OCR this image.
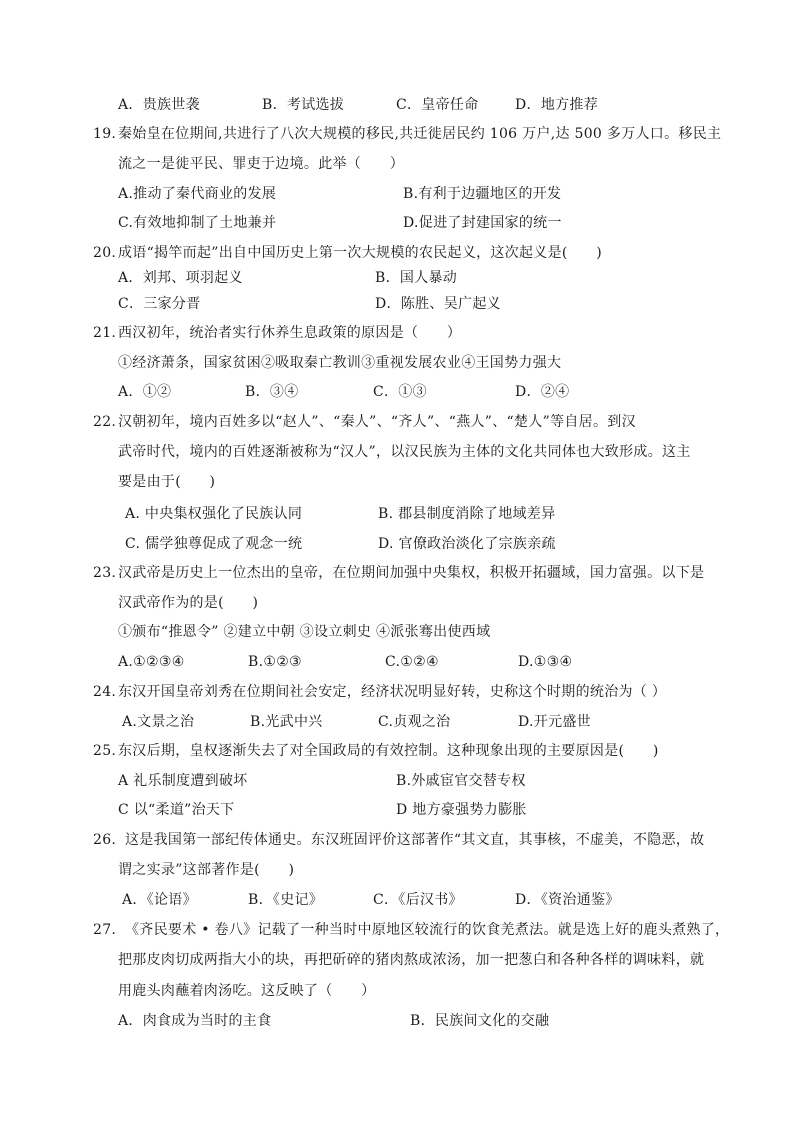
A．贵族世袭	B．考试选拔	C．皇帝任命	D．地方推荐
19. 秦始皇在位期间,共进行了八次大规模的移民,共迁徙居民约 106 万户,达 500 多万人口。移民主
流之一是徙平民、罪吏于边境。此举（　　）
A.推动了秦代商业的发展	B.有利于边疆地区的开发
C.有效地抑制了土地兼并	D.促进了封建国家的统一
20. 成语“揭竿而起”出自中国历史上第一次大规模的农民起义，这次起义是(　　)
A．刘邦、项羽起义	B．国人暴动
C．三家分晋	D．陈胜、吴广起义
21. 西汉初年，统治者实行休养生息政策的原因是（　　）
①经济萧条，国家贫困②吸取秦亡教训③重视发展农业④王国势力强大
A．①②	B．③④	C．①③	D．②④
22. 汉朝初年，境内百姓多以“赵人”、“秦人”、“齐人”、“燕人”、“楚人”等自居。到汉
武帝时代，境内的百姓逐渐被称为“汉人”，以汉民族为主体的文化共同体也大致形成。这主
要是由于(　　)
A. 中央集权强化了民族认同	B. 郡县制度消除了地域差异
C. 儒学独尊促成了观念一统	D. 官僚政治淡化了宗族亲疏
23. 汉武帝是历史上一位杰出的皇帝，在位期间加强中央集权，积极开拓疆域，国力富强。以下是
汉武帝作为的是(　　)
①颁布“推恩令” ②建立中朝 ③设立刺史 ④派张骞出使西域
A.①②③④	B.①②③	C.①②④	D.①③④
24. 东汉开国皇帝刘秀在位期间社会安定，经济状况明显好转，史称这个时期的统治为（ ）
A.文景之治	B.光武中兴	C.贞观之治	D.开元盛世
25. 东汉后期，皇权逐渐失去了对全国政局的有效控制。这种现象出现的主要原因是(　　)
A 礼乐制度遭到破坏	B.外戚宦官交替专权
C 以“柔道”治天下	D 地方豪强势力膨胀
26. 这是我国第一部纪传体通史。东汉班固评价这部著作“其文直，其事核，不虚美，不隐恶，故
谓之实录”这部著作是(　　)
A．《论语》	B．《史记》	C．《后汉书》	D．《资治通鉴》
27. 《齐民要术 • 卷八》记载了一种当时中原地区较流行的饮食羌煮法。就是选上好的鹿头煮熟了，
把那皮肉切成两指大小的块，再把斫碎的猪肉熬成浓汤，加一把葱白和各种各样的调味料，就
用鹿头肉蘸着肉汤吃。这反映了（　　）
A．肉食成为当时的主食	B．民族间文化的交融
